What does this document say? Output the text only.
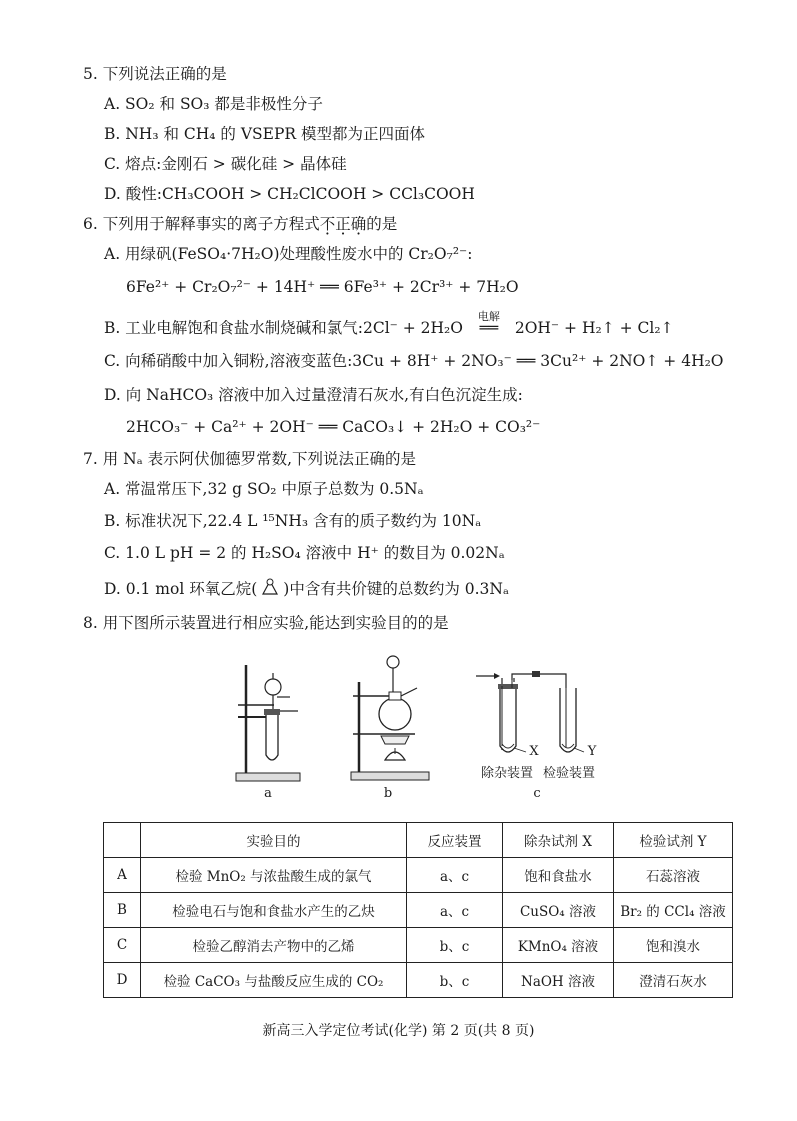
5. 下列说法正确的是
A. SO₂ 和 SO₃ 都是非极性分子
B. NH₃ 和 CH₄ 的 VSEPR 模型都为正四面体
C. 熔点:金刚石 > 碳化硅 > 晶体硅
D. 酸性:CH₃COOH > CH₂ClCOOH > CCl₃COOH
6. 下列用于解释事实的离子方程式不正确的是
A. 用绿矾(FeSO₄·7H₂O)处理酸性废水中的 Cr₂O₇²⁻:
6Fe²⁺ + Cr₂O₇²⁻ + 14H⁺ ══ 6Fe³⁺ + 2Cr³⁺ + 7H₂O
B. 工业电解饱和食盐水制烧碱和氯气:2Cl⁻ + 2H₂O
电解
══ 2OH⁻ + H₂↑ + Cl₂↑
C. 向稀硝酸中加入铜粉,溶液变蓝色:3Cu + 8H⁺ + 2NO₃⁻ ══ 3Cu²⁺ + 2NO↑ + 4H₂O
D. 向 NaHCO₃ 溶液中加入过量澄清石灰水,有白色沉淀生成:
2HCO₃⁻ + Ca²⁺ + 2OH⁻ ══ CaCO₃↓ + 2H₂O + CO₃²⁻
7. 用 Nₐ 表示阿伏伽德罗常数,下列说法正确的是
A. 常温常压下,32 g SO₂ 中原子总数为 0.5Nₐ
B. 标准状况下,22.4 L ¹⁵NH₃ 含有的质子数约为 10Nₐ
C. 1.0 L pH = 2 的 H₂SO₄ 溶液中 H⁺ 的数目为 0.02Nₐ
D. 0.1 mol 环氧乙烷( )中含有共价键的总数约为 0.3Nₐ
8. 用下图所示装置进行相应实验,能达到实验目的的是
a	b
X	Y
除杂装置 检验装置
c
	实验目的	反应装置	除杂试剂 X	检验试剂 Y
A	检验 MnO₂ 与浓盐酸生成的氯气	a、c	饱和食盐水	石蕊溶液
B	检验电石与饱和食盐水产生的乙炔	a、c	CuSO₄ 溶液	Br₂ 的 CCl₄ 溶液
C	检验乙醇消去产物中的乙烯	b、c	KMnO₄ 溶液	饱和溴水
D	检验 CaCO₃ 与盐酸反应生成的 CO₂	b、c	NaOH 溶液	澄清石灰水
新高三入学定位考试(化学) 第 2 页(共 8 页)
